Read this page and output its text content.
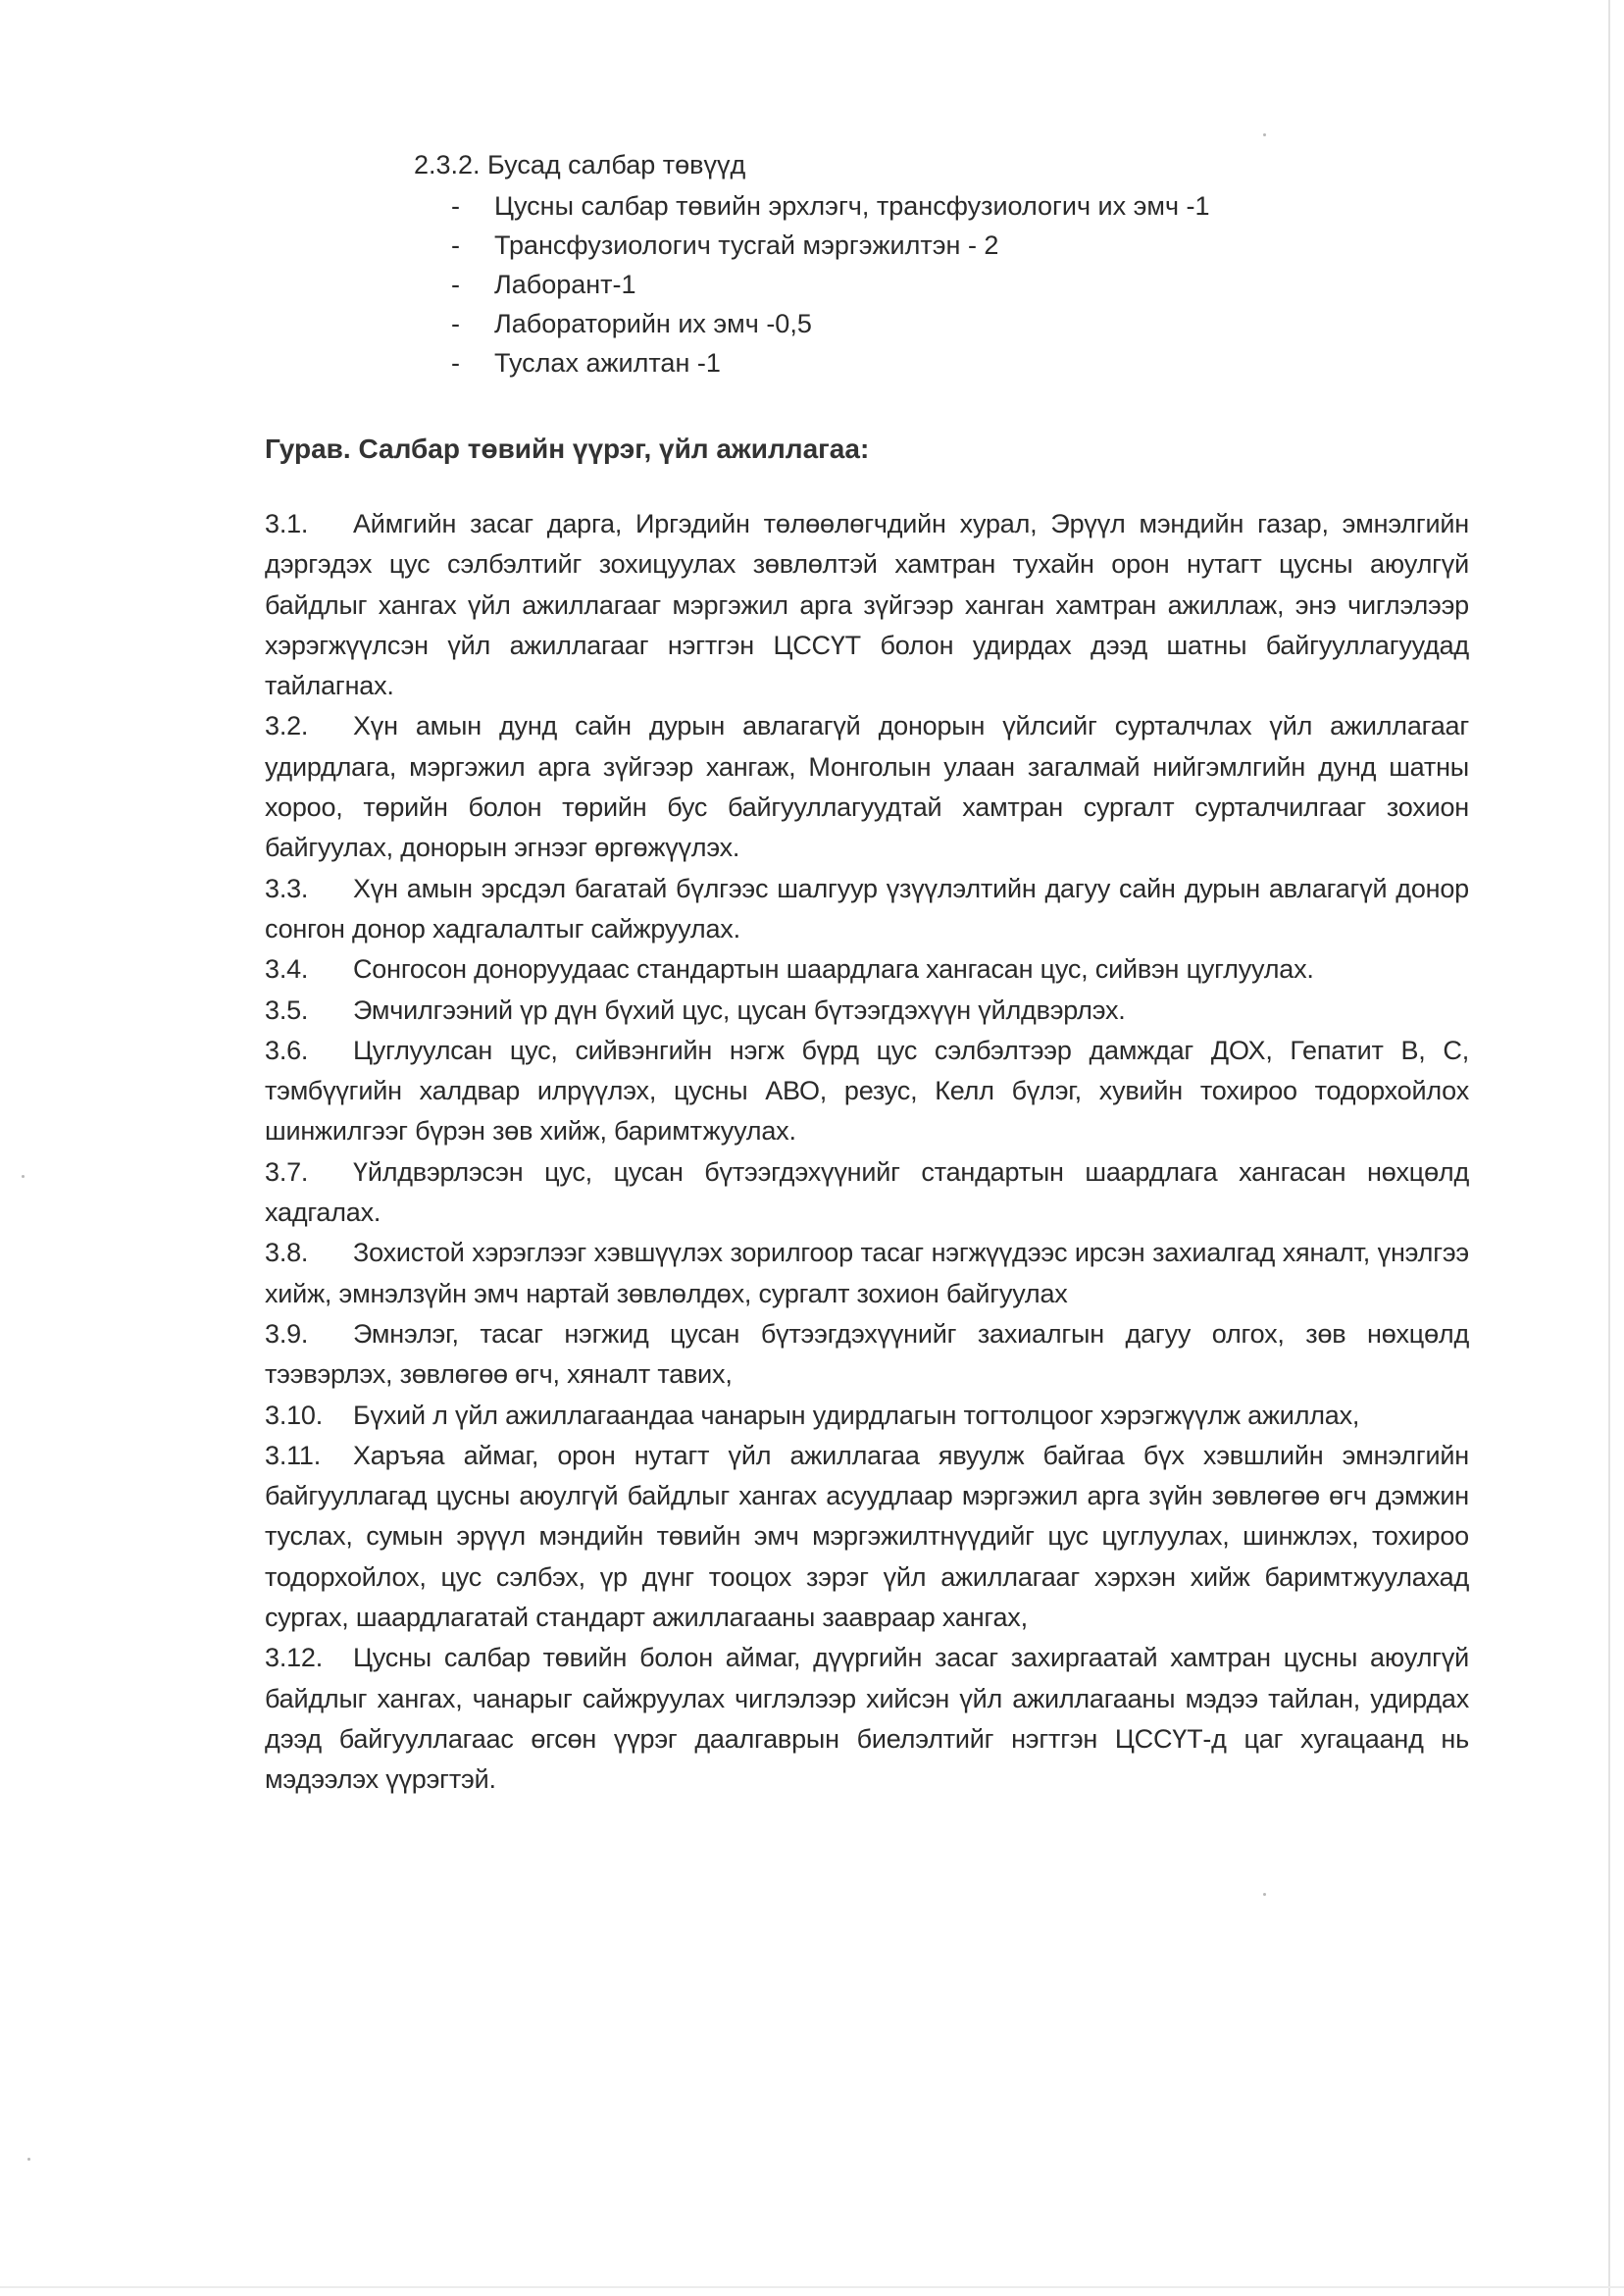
2.3.2. Бусад салбар төвүүд
- Цусны салбар төвийн эрхлэгч, трансфузиологич их эмч -1
- Трансфузиологич тусгай мэргэжилтэн - 2
- Лаборант-1
- Лабораторийн их эмч -0,5
- Туслах ажилтан -1
Гурав. Салбар төвийн үүрэг, үйл ажиллагаа:

3.1. Аймгийн засаг дарга, Иргэдийн төлөөлөгчдийн хурал, Эрүүл мэндийн газар, эмнэлгийн дэргэдэх цус сэлбэлтийг зохицуулах зөвлөлтэй хамтран тухайн орон нутагт цусны аюулгүй байдлыг хангах үйл ажиллагааг мэргэжил арга зүйгээр ханган хамтран ажиллаж, энэ чиглэлээр хэрэгжүүлсэн үйл ажиллагааг нэгтгэн ЦССҮТ болон удирдах дээд шатны байгууллагуудад тайлагнах.

3.2. Хүн амын дунд сайн дурын авлагагүй донорын үйлсийг сурталчлах үйл ажиллагааг удирдлага, мэргэжил арга зүйгээр хангаж, Монголын улаан загалмай нийгэмлгийн дунд шатны хороо, төрийн болон төрийн бус байгууллагуудтай хамтран сургалт сурталчилгааг зохион байгуулах, донорын эгнээг өргөжүүлэх.

3.3. Хүн амын эрсдэл багатай бүлгээс шалгуур үзүүлэлтийн дагуу сайн дурын авлагагүй донор сонгон донор хадгалалтыг сайжруулах.

3.4. Сонгосон доноруудаас стандартын шаардлага хангасан цус, сийвэн цуглуулах.

3.5. Эмчилгээний үр дүн бүхий цус, цусан бүтээгдэхүүн үйлдвэрлэх.

3.6. Цуглуулсан цус, сийвэнгийн нэгж бүрд цус сэлбэлтээр дамждаг ДОХ, Гепатит В, С, тэмбүүгийн халдвар илрүүлэх, цусны АВО, резус, Келл бүлэг, хувийн тохироо тодорхойлох шинжилгээг бүрэн зөв хийж, баримтжуулах.

3.7. Үйлдвэрлэсэн цус, цусан бүтээгдэхүүнийг стандартын шаардлага хангасан нөхцөлд хадгалах.

3.8. Зохистой хэрэглээг хэвшүүлэх зорилгоор тасаг нэгжүүдээс ирсэн захиалгад хяналт, үнэлгээ хийж, эмнэлзүйн эмч нартай зөвлөлдөх, сургалт зохион байгуулах

3.9. Эмнэлэг, тасаг нэгжид цусан бүтээгдэхүүнийг захиалгын дагуу олгох, зөв нөхцөлд тээвэрлэх, зөвлөгөө өгч, хяналт тавих,

3.10. Бүхий л үйл ажиллагаандаа чанарын удирдлагын тогтолцоог хэрэгжүүлж ажиллах,

3.11. Харъяа аймаг, орон нутагт үйл ажиллагаа явуулж байгаа бүх хэвшлийн эмнэлгийн байгууллагад цусны аюулгүй байдлыг хангах асуудлаар мэргэжил арга зүйн зөвлөгөө өгч дэмжин туслах, сумын эрүүл мэндийн төвийн эмч мэргэжилтнүүдийг цус цуглуулах, шинжлэх, тохироо тодорхойлох, цус сэлбэх, үр дүнг тооцох зэрэг үйл ажиллагааг хэрхэн хийж баримтжуулахад сургах, шаардлагатай стандарт ажиллагааны зааврааp хангах,

3.12. Цусны салбар төвийн болон аймаг, дүүргийн засаг захиргаатай хамтран цусны аюулгүй байдлыг хангах, чанарыг сайжруулах чиглэлээр хийсэн үйл ажиллагааны мэдээ тайлан, удирдах дээд байгууллагаас өгсөн үүрэг даалгаврын биелэлтийг нэгтгэн ЦССҮТ-д цаг хугацаанд нь мэдээлэх үүрэгтэй.
